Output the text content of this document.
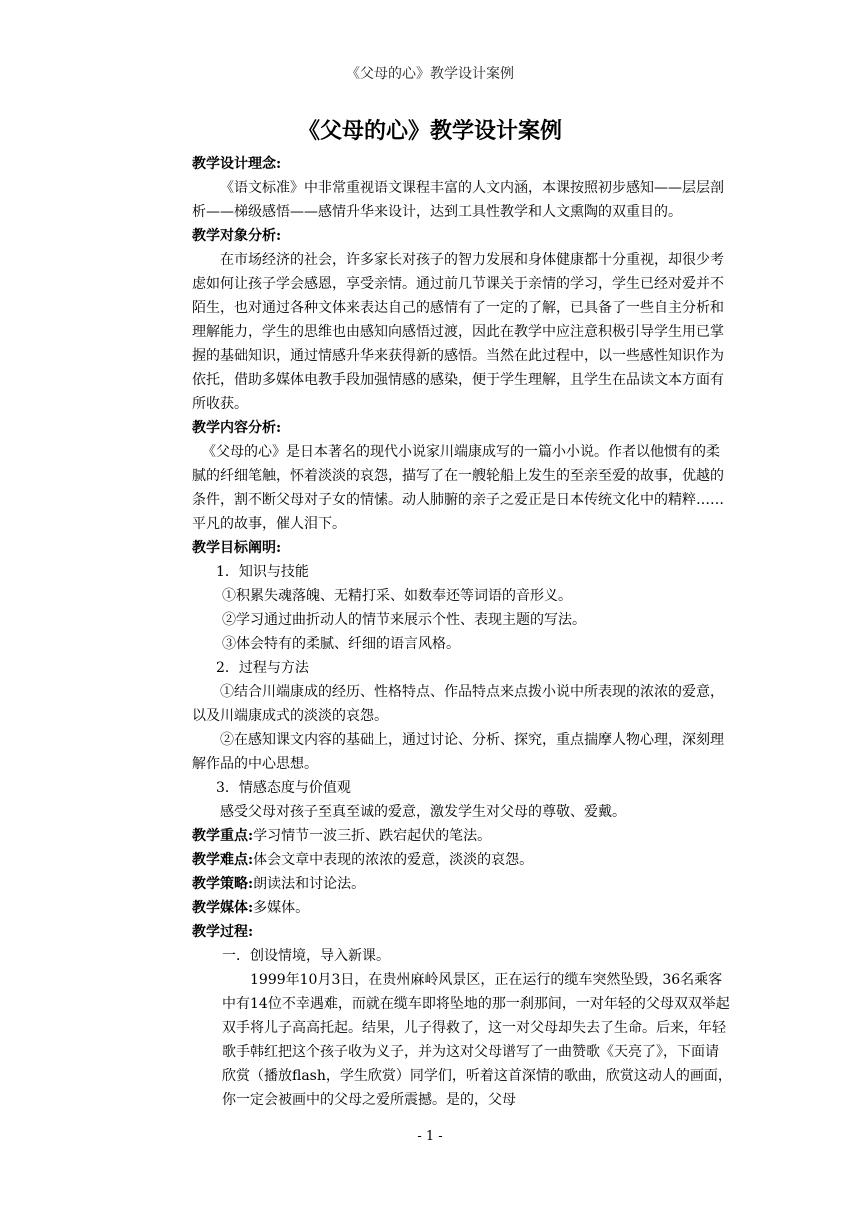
《父母的心》教学设计案例
《父母的心》教学设计案例

教学设计理念:

《语文标准》中非常重视语文课程丰富的人文内涵，本课按照初步感知——层层剖析——梯级感悟——感情升华来设计，达到工具性教学和人文熏陶的双重目的。

教学对象分析:

在市场经济的社会，许多家长对孩子的智力发展和身体健康都十分重视，却很少考虑如何让孩子学会感恩，享受亲情。通过前几节课关于亲情的学习，学生已经对爱并不陌生，也对通过各种文体来表达自己的感情有了一定的了解，已具备了一些自主分析和理解能力，学生的思维也由感知向感悟过渡，因此在教学中应注意积极引导学生用已掌握的基础知识，通过情感升华来获得新的感悟。当然在此过程中，以一些感性知识作为依托，借助多媒体电教手段加强情感的感染，便于学生理解，且学生在品读文本方面有所收获。

教学内容分析:

《父母的心》是日本著名的现代小说家川端康成写的一篇小小说。作者以他惯有的柔腻的纤细笔触，怀着淡淡的哀怨，描写了在一艘轮船上发生的至亲至爱的故事，优越的条件，割不断父母对子女的情愫。动人肺腑的亲子之爱正是日本传统文化中的精粹……平凡的故事，催人泪下。

教学目标阐明:

1．知识与技能

①积累失魂落魄、无精打采、如数奉还等词语的音形义。

②学习通过曲折动人的情节来展示个性、表现主题的写法。

③体会特有的柔腻、纤细的语言风格。

2．过程与方法

①结合川端康成的经历、性格特点、作品特点来点拨小说中所表现的浓浓的爱意，以及川端康成式的淡淡的哀怨。

②在感知课文内容的基础上，通过讨论、分析、探究，重点揣摩人物心理，深刻理解作品的中心思想。

3．情感态度与价值观

感受父母对孩子至真至诚的爱意，激发学生对父母的尊敬、爱戴。

教学重点:学习情节一波三折、跌宕起伏的笔法。

教学难点:体会文章中表现的浓浓的爱意，淡淡的哀怨。

教学策略:朗读法和讨论法。

教学媒体:多媒体。

教学过程:

一．创设情境，导入新课。

1999年10月3日，在贵州麻岭风景区，正在运行的缆车突然坠毁，36名乘客中有14位不幸遇难，而就在缆车即将坠地的那一刹那间，一对年轻的父母双双举起双手将儿子高高托起。结果，儿子得救了，这一对父母却失去了生命。后来，年轻歌手韩红把这个孩子收为义子，并为这对父母谱写了一曲赞歌《天亮了》，下面请欣赏（播放flash，学生欣赏）同学们，听着这首深情的歌曲，欣赏这动人的画面，你一定会被画中的父母之爱所震撼。是的，父母

- 1 -
